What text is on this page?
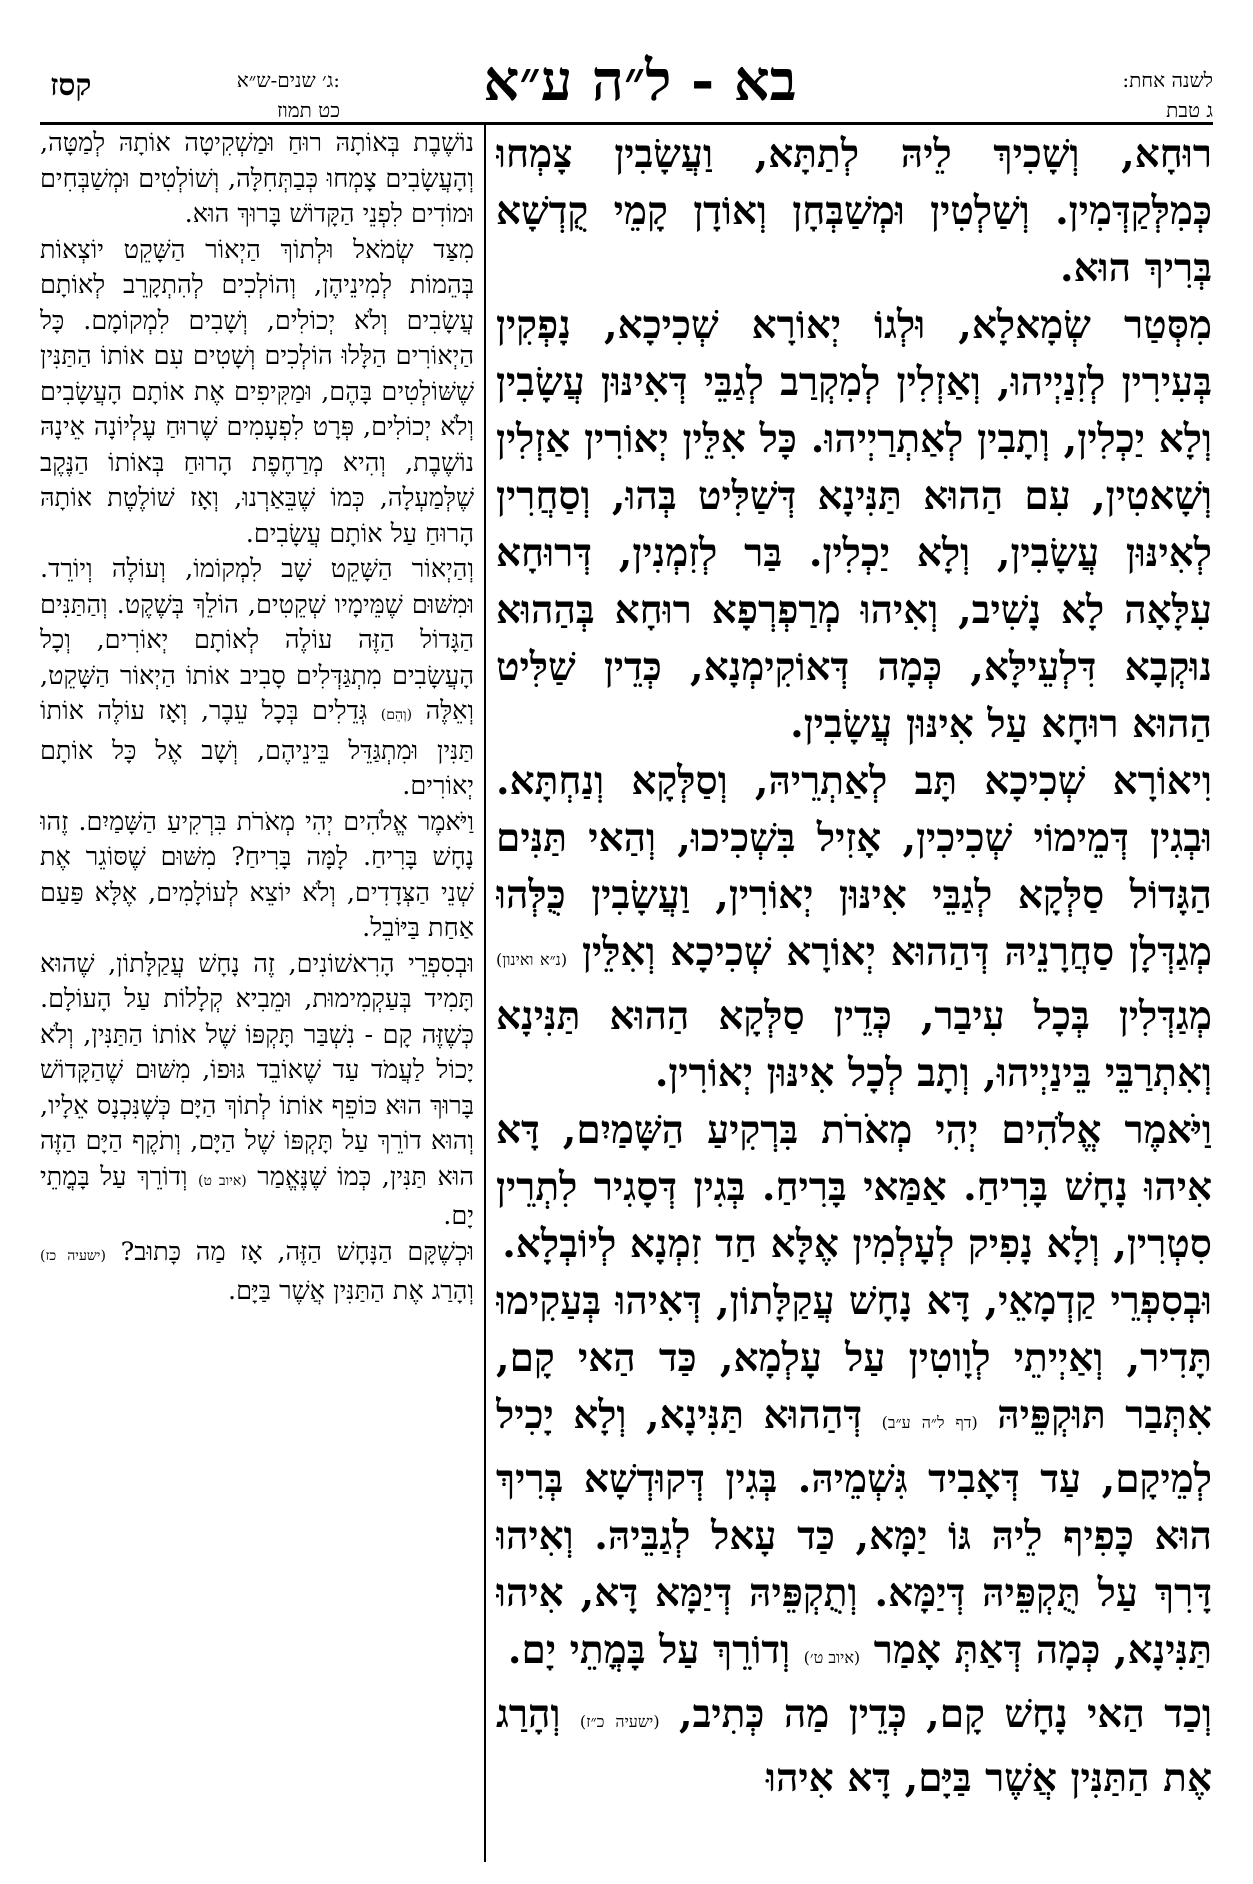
קסז	ג׳ שנים-ש״א:
כט תמוז	בא - ל״ה ע״א	לשנה אחת:
ג טבת

רוּחָא, וְשָׁכִיךְ לֵיהּ לְתַתָּא, וַעֲשָׂבִין צָמְחוּ כְּמִלְּקַדְּמִין. וְשַׁלְטִין וּמְשַׁבְּחָן וְאוֹדָן קָמֵי קֻדְשָׁא בְּרִיךְ הוּא.

מִסְּטַר שְׂמָאלָא, וּלְגוֹ יְאוֹרָא שְׁכִיכָא, נָפְקִין בְּעִירִין לְזִנַיְיהוּ, וְאַזְלִין לְמִקְרַב לְגַבֵּי דְּאִינּוּן עֲשָׂבִין וְלָא יַכְלִין, וְתָבִין לְאַתְרַיְיהוּ. כָּל אִלֵּין יְאוֹרִין אַזְלִין וְשָׁאטִין, עִם הַהוּא תַּנִּינָא דְּשַׁלִּיט בְּהוּ, וְסַחֲרִין לְאִינּוּן עֲשָׂבִין, וְלָא יַכְלִין. בַּר לְזִמְנִין, דְּרוּחָא עִלָּאָה לָא נָשִׁיב, וְאִיהוּ מְרַפְרְפָא רוּחָא בְּהַהוּא נוּקְבָא דִּלְעֵילָּא, כְּמָה דְּאוֹקִימְנָא, כְּדֵין שַׁלִּיט הַהוּא רוּחָא עַל אִינּוּן עֲשָׂבִין.

וִיאוֹרָא שְׁכִיכָא תָּב לְאַתְרֵיהּ, וְסַלְּקָא וְנַחְתָּא. וּבְגִין דְּמֵימוֹי שְׁכִיכִין, אָזִיל בִּשְׁכִיכוּ, וְהַאי תַּנִּים הַגָּדוֹל סַלְּקָא לְגַבֵּי אִינּוּן יְאוֹרִין, וַעֲשָׂבִין כֻּלְּהוּ מְגַדְּלָן סַחֲרָנֵיהּ דְּהַהוּא יְאוֹרָא שְׁכִיכָא וְאִלֵּין (נ״א ואינון) מְגַדְּלִין בְּכָל עִיבַר, כְּדֵין סַלְּקָא הַהוּא תַּנִּינָא וְאִתְרַבֵּי בֵּינַיְיהוּ, וְתָב לְכָל אִינּוּן יְאוֹרִין.

וַיֹּאמֶר אֱלֹהִים יְהִי מְאֹרֹת בִּרְקִיעַ הַשָּׁמַיִם, דָּא אִיהוּ נָחָשׁ בָּרִיחַ. אַמַּאי בָּרִיחַ. בְּגִין דְּסָגִיר לִתְרֵין סִטְרִין, וְלָא נָפִיק לְעָלְמִין אֶלָּא חַד זִמְנָא לְיוֹבְלָא.

וּבְסִפְרֵי קַדְמָאֵי, דָּא נָחָשׁ עֲקַלָּתוֹן, דְּאִיהוּ בְּעַקִימוּ תָּדִיר, וְאַיְיתֵי לְוָוטִין עַל עָלְמָא, כַּד הַאי קָם, אִתְּבַר תּוּקְפֵּיהּ (דף ל״ה ע״ב) דְּהַהוּא תַּנִּינָא, וְלָא יָכִיל לְמֵיקָם, עַד דְּאָבִיד גִּשְׁמֵיהּ. בְּגִין דְּקוּדְשָׁא בְּרִיךְ הוּא כָּפִיף לֵיהּ גּוֹ יַמָּא, כַּד עָאל לְגַבֵּיהּ. וְאִיהוּ דָּרִךְ עַל תֻּקְפֵּיהּ דְּיַמָּא. וְתֻקְפֵּיהּ דְּיַמָּא דָּא, אִיהוּ תַּנִּינָא, כְּמָה דְּאַתְּ אָמַר (איוב ט׳) וְדוֹרֵךְ עַל בָּמֳתֵי יָם.

וְכַד הַאי נָחָשׁ קָם, כְּדֵין מַה כְּתִיב, (ישעיה כ״ז) וְהָרַג אֶת הַתַּנִּין אֲשֶׁר בַּיָּם, דָּא אִיהוּ

נוֹשֶׁבֶת בְּאוֹתָהּ רוּחַ וּמַשְׁקִיטָה אוֹתָהּ לְמַטָּה, וְהָעֲשָׂבִים צָמְחוּ כְּבַתְּחִלָּה, וְשׁוֹלְטִים וּמְשַׁבְּחִים וּמוֹדִים לִפְנֵי הַקָּדוֹשׁ בָּרוּךְ הוּא.

מִצַּד שְׂמֹאל וּלְתוֹךְ הַיְאוֹר הַשָּׁקֵט יוֹצְאוֹת בְּהֵמוֹת לְמִינֵיהֶן, וְהוֹלְכִים לְהִתְקָרֵב לְאוֹתָם עֲשָׂבִים וְלֹא יְכוֹלִים, וְשָׁבִים לִמְקוֹמָם. כָּל הַיְאוֹרִים הַלָּלוּ הוֹלְכִים וְשָׁטִים עִם אוֹתוֹ הַתַּנִּין שֶׁשּׁוֹלְטִים בָּהֶם, וּמַקִּיפִים אֶת אוֹתָם הָעֲשָׂבִים וְלֹא יְכוֹלִים, פְּרָט לִפְעָמִים שֶׁרוּחַ עֶלְיוֹנָה אֵינָהּ נוֹשֶׁבֶת, וְהִיא מְרַחֶפֶת הָרוּחַ בְּאוֹתוֹ הַנֶּקֶב שֶׁלְּמַעְלָה, כְּמוֹ שֶׁבֵּאַרְנוּ, וְאָז שׁוֹלֶטֶת אוֹתָהּ הָרוּחַ עַל אוֹתָם עֲשָׂבִים.

וְהַיְאוֹר הַשָּׁקֵט שָׁב לִמְקוֹמוֹ, וְעוֹלֶה וְיוֹרֵד. וּמִשּׁוּם שֶׁמֵּימָיו שְׁקֵטִים, הוֹלֵךְ בְּשֶׁקֶט. וְהַתַּנִּים הַגָּדוֹל הַזֶּה עוֹלֶה לְאוֹתָם יְאוֹרִים, וְכָל הָעֲשָׂבִים מִתְגַּדְּלִים סָבִיב אוֹתוֹ הַיְאוֹר הַשָּׁקֵט, וְאֵלֶּה (וְהֵם) גְּדֵלִים בְּכָל עֵבֶר, וְאָז עוֹלֶה אוֹתוֹ תַּנִּין וּמִתְגַּדֵּל בֵּינֵיהֶם, וְשָׁב אֶל כָּל אוֹתָם יְאוֹרִים.

וַיֹּאמֶר אֱלֹהִים יְהִי מְאֹרֹת בִּרְקִיעַ הַשָּׁמַיִם. זֶהוּ נָחָשׁ בָּרִיחַ. לָמָּה בָּרִיחַ? מִשּׁוּם שֶׁסּוֹגֵר אֶת שְׁנֵי הַצְּדָדִים, וְלֹא יוֹצֵא לְעוֹלָמִים, אֶלָּא פַּעַם אַחַת בַּיּוֹבֵל.

וּבְסִפְרֵי הָרִאשׁוֹנִים, זֶה נָחָשׁ עֲקַלָּתוֹן, שֶׁהוּא תָּמִיד בְּעַקְמִימוּת, וּמֵבִיא קְלָלוֹת עַל הָעוֹלָם. כְּשֶׁזֶּה קָם - נִשְׁבַּר תָּקְפּוֹ שֶׁל אוֹתוֹ הַתַּנִּין, וְלֹא יָכוֹל לַעֲמֹד עַד שֶׁאוֹבֵד גּוּפוֹ, מִשּׁוּם שֶׁהַקָּדוֹשׁ בָּרוּךְ הוּא כּוֹפֵף אוֹתוֹ לְתוֹךְ הַיָּם כְּשֶׁנִּכְנָס אֵלָיו, וְהוּא דוֹרֵךְ עַל תָּקְפּוֹ שֶׁל הַיָּם, וְתֹקֶף הַיָּם הַזֶּה הוּא תַּנִּין, כְּמוֹ שֶׁנֶּאֱמַר (איוב ט) וְדוֹרֵךְ עַל בָּמֳתֵי יָם.

וּכְשֶׁקָּם הַנָּחָשׁ הַזֶּה, אָז מַה כָּתוּב? (ישעיה כז) וְהָרַג אֶת הַתַּנִּין אֲשֶׁר בַּיָּם.
